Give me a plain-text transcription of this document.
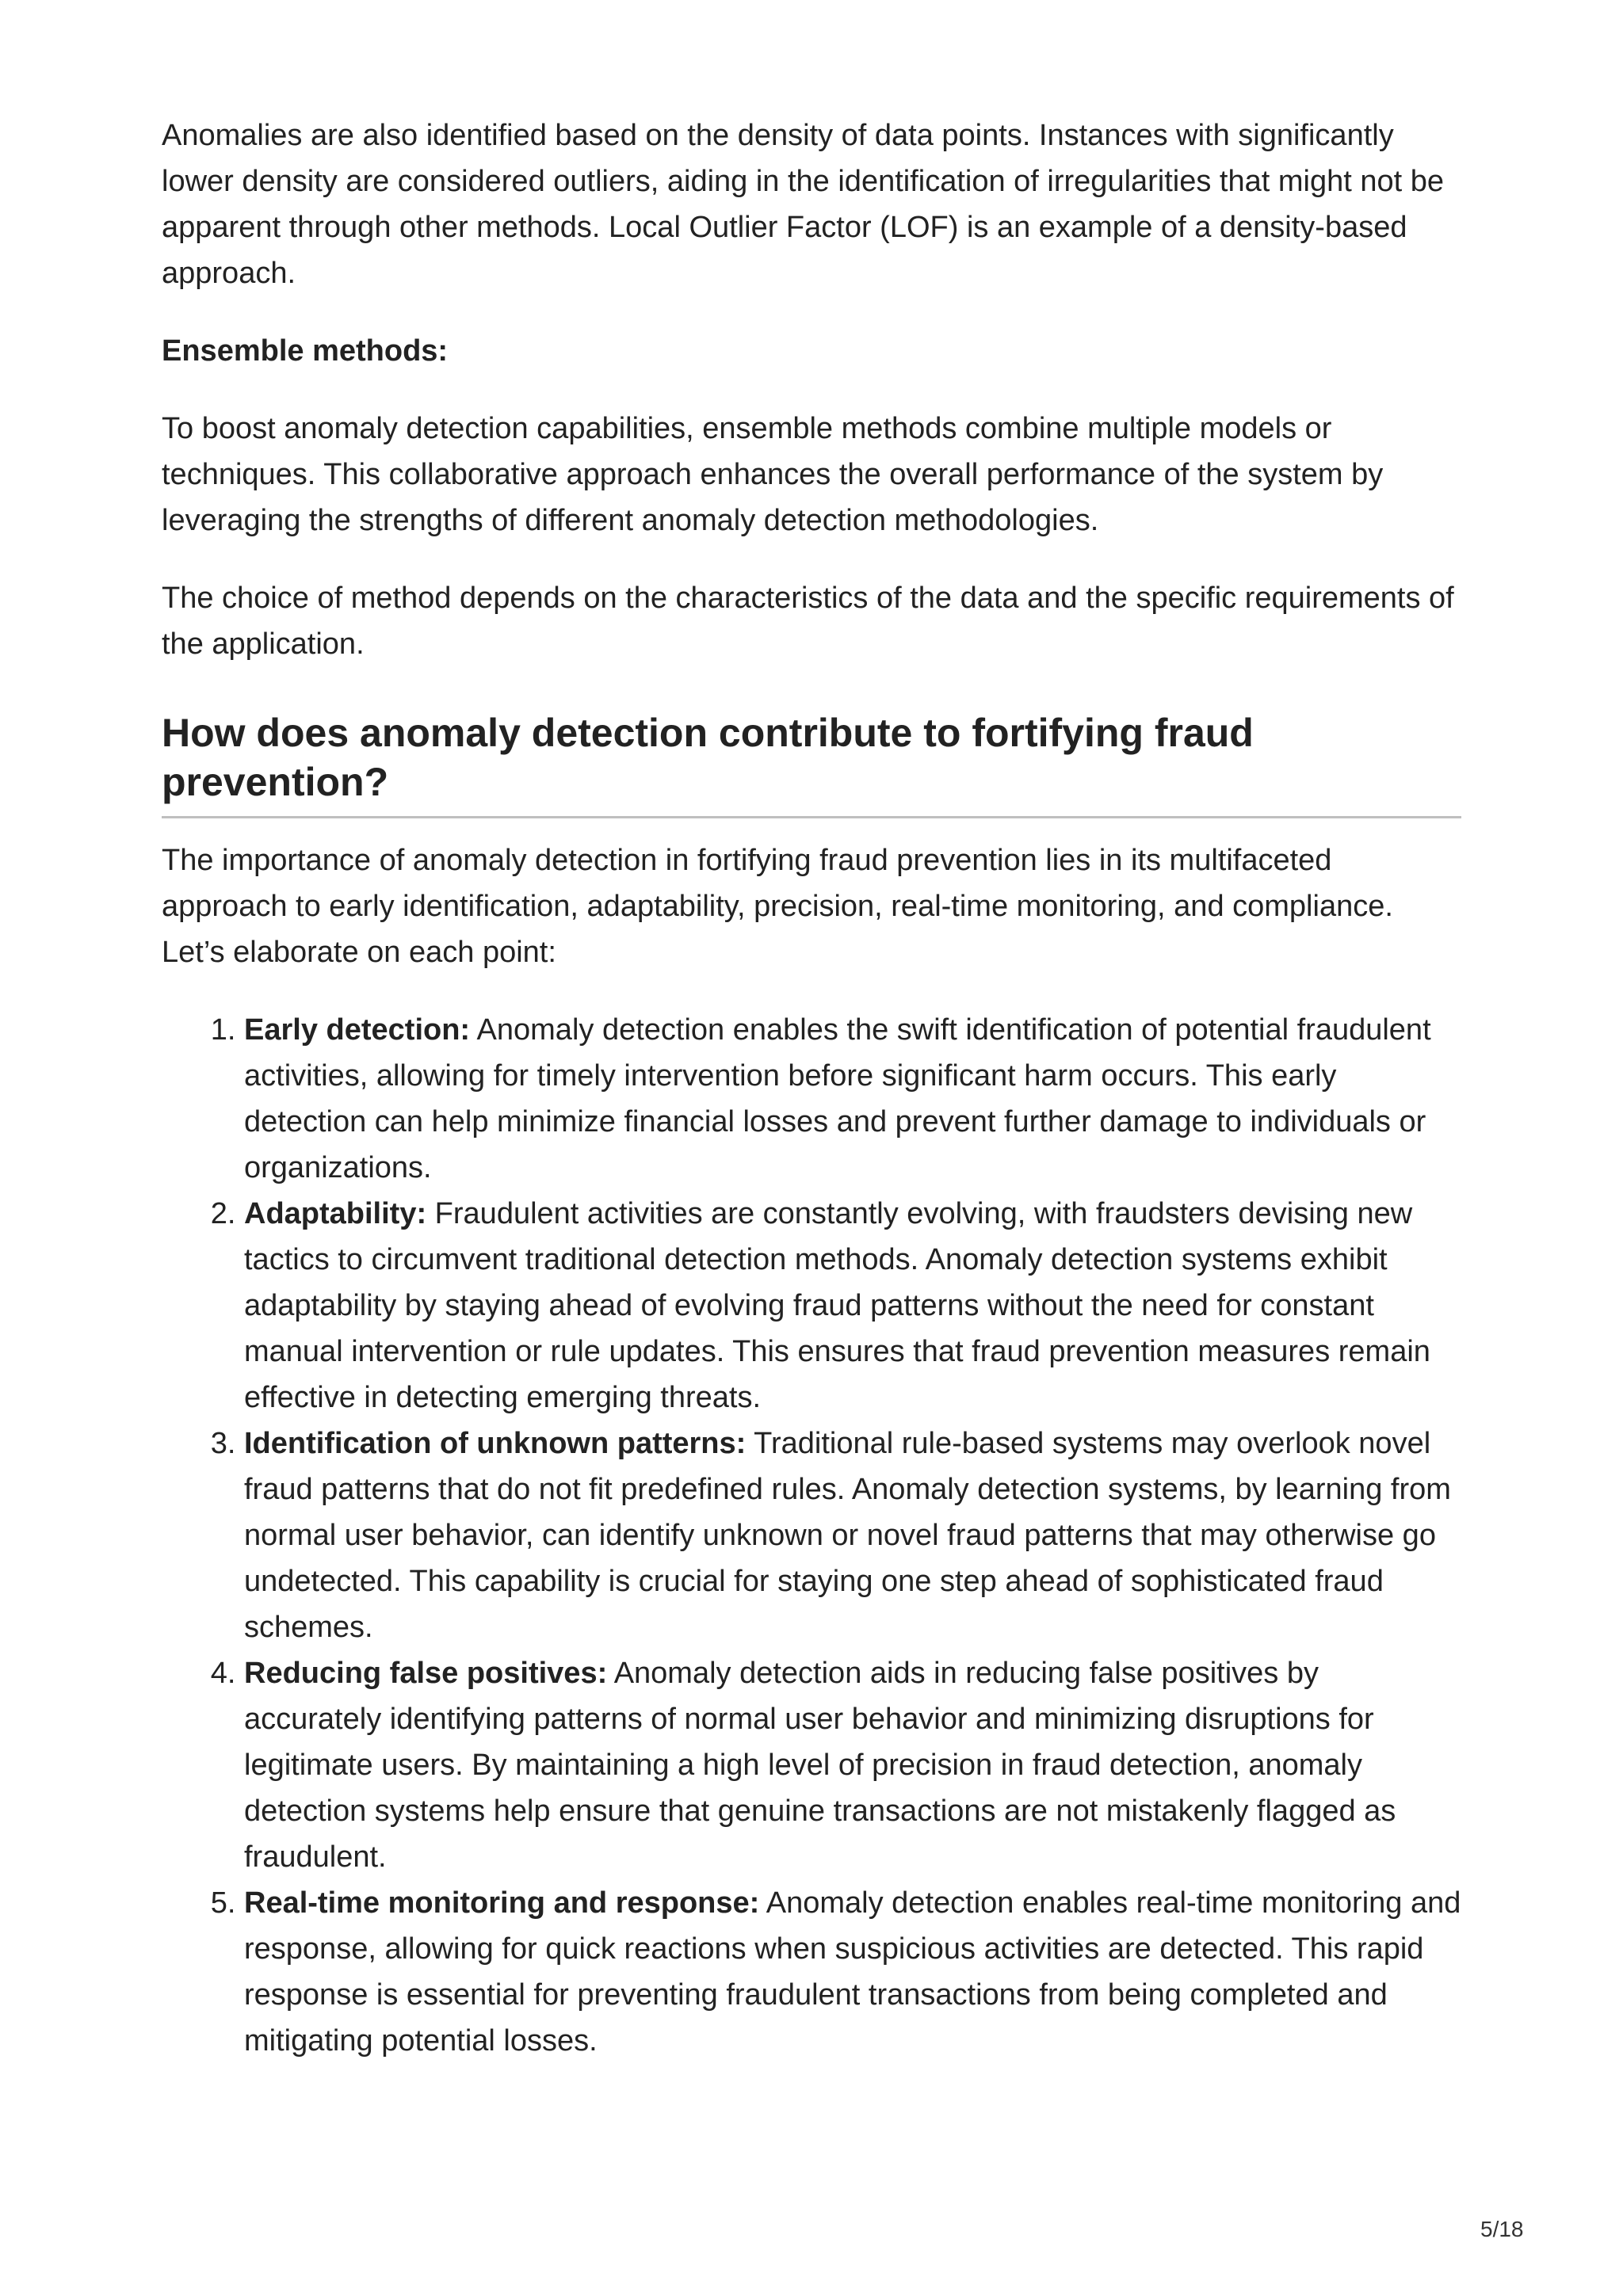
Anomalies are also identified based on the density of data points. Instances with significantly lower density are considered outliers, aiding in the identification of irregularities that might not be apparent through other methods. Local Outlier Factor (LOF) is an example of a density-based approach.

Ensemble methods:

To boost anomaly detection capabilities, ensemble methods combine multiple models or techniques. This collaborative approach enhances the overall performance of the system by leveraging the strengths of different anomaly detection methodologies.

The choice of method depends on the characteristics of the data and the specific requirements of the application.

How does anomaly detection contribute to fortifying fraud prevention?

The importance of anomaly detection in fortifying fraud prevention lies in its multifaceted approach to early identification, adaptability, precision, real-time monitoring, and compliance. Let’s elaborate on each point:

1. Early detection: Anomaly detection enables the swift identification of potential fraudulent activities, allowing for timely intervention before significant harm occurs. This early detection can help minimize financial losses and prevent further damage to individuals or organizations.
2. Adaptability: Fraudulent activities are constantly evolving, with fraudsters devising new tactics to circumvent traditional detection methods. Anomaly detection systems exhibit adaptability by staying ahead of evolving fraud patterns without the need for constant manual intervention or rule updates. This ensures that fraud prevention measures remain effective in detecting emerging threats.
3. Identification of unknown patterns: Traditional rule-based systems may overlook novel fraud patterns that do not fit predefined rules. Anomaly detection systems, by learning from normal user behavior, can identify unknown or novel fraud patterns that may otherwise go undetected. This capability is crucial for staying one step ahead of sophisticated fraud schemes.
4. Reducing false positives: Anomaly detection aids in reducing false positives by accurately identifying patterns of normal user behavior and minimizing disruptions for legitimate users. By maintaining a high level of precision in fraud detection, anomaly detection systems help ensure that genuine transactions are not mistakenly flagged as fraudulent.
5. Real-time monitoring and response: Anomaly detection enables real-time monitoring and response, allowing for quick reactions when suspicious activities are detected. This rapid response is essential for preventing fraudulent transactions from being completed and mitigating potential losses.
5/18
